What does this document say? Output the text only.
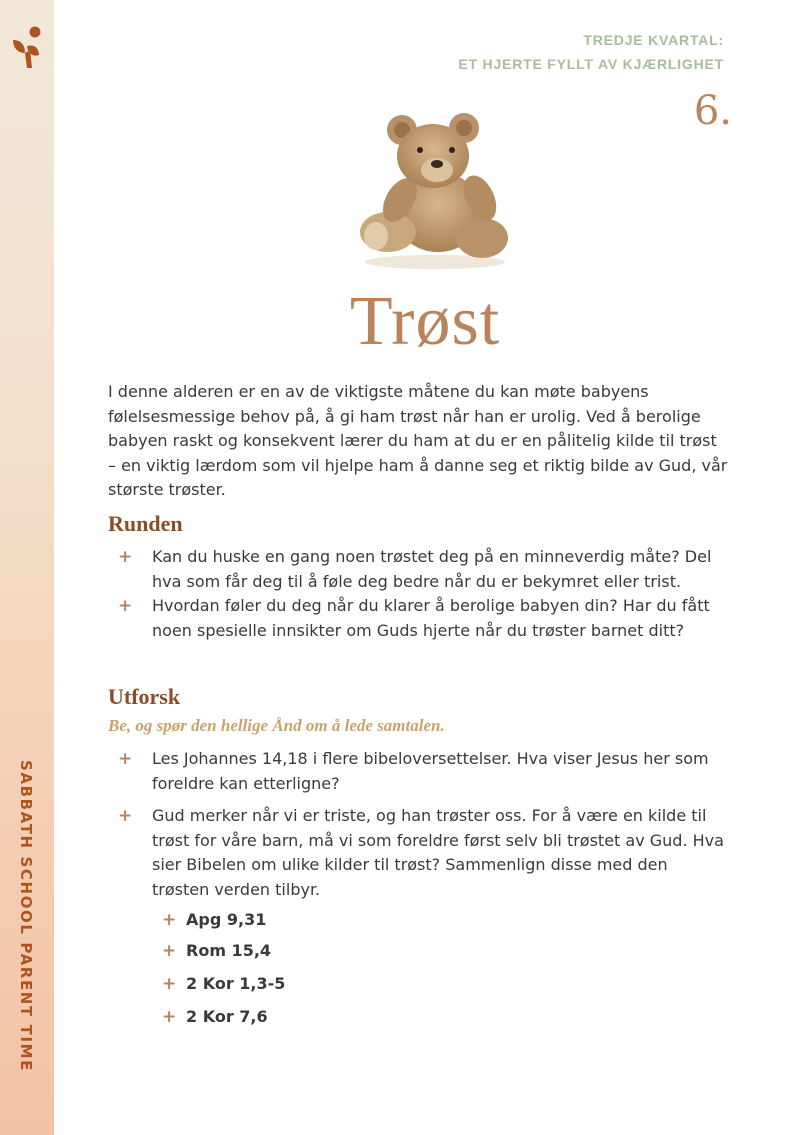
SABBATH SCHOOL PARENT TIME
TREDJE KVARTAL:
ET HJERTE FYLLT AV KJÆRLIGHET
6.
Trøst

I denne alderen er en av de viktigste måtene du kan møte babyens følelsesmessige behov på, å gi ham trøst når han er urolig. Ved å berolige babyen raskt og konsekvent lærer du ham at du er en pålitelig kilde til trøst – en viktig lærdom som vil hjelpe ham å danne seg et riktig bilde av Gud, vår største trøster.

Runden
+ Kan du huske en gang noen trøstet deg på en minneverdig måte? Del hva som får deg til å føle deg bedre når du er bekymret eller trist.
+ Hvordan føler du deg når du klarer å berolige babyen din? Har du fått noen spesielle innsikter om Guds hjerte når du trøster barnet ditt?
Utforsk

Be, og spør den hellige Ånd om å lede samtalen.

+ Les Johannes 14,18 i flere bibeloversettelser. Hva viser Jesus her som foreldre kan etterligne?
+ Gud merker når vi er triste, og han trøster oss. For å være en kilde til trøst for våre barn, må vi som foreldre først selv bli trøstet av Gud. Hva sier Bibelen om ulike kilder til trøst? Sammenlign disse med den trøsten verden tilbyr.
+ Apg 9,31
+ Rom 15,4
+ 2 Kor 1,3-5
+ 2 Kor 7,6
